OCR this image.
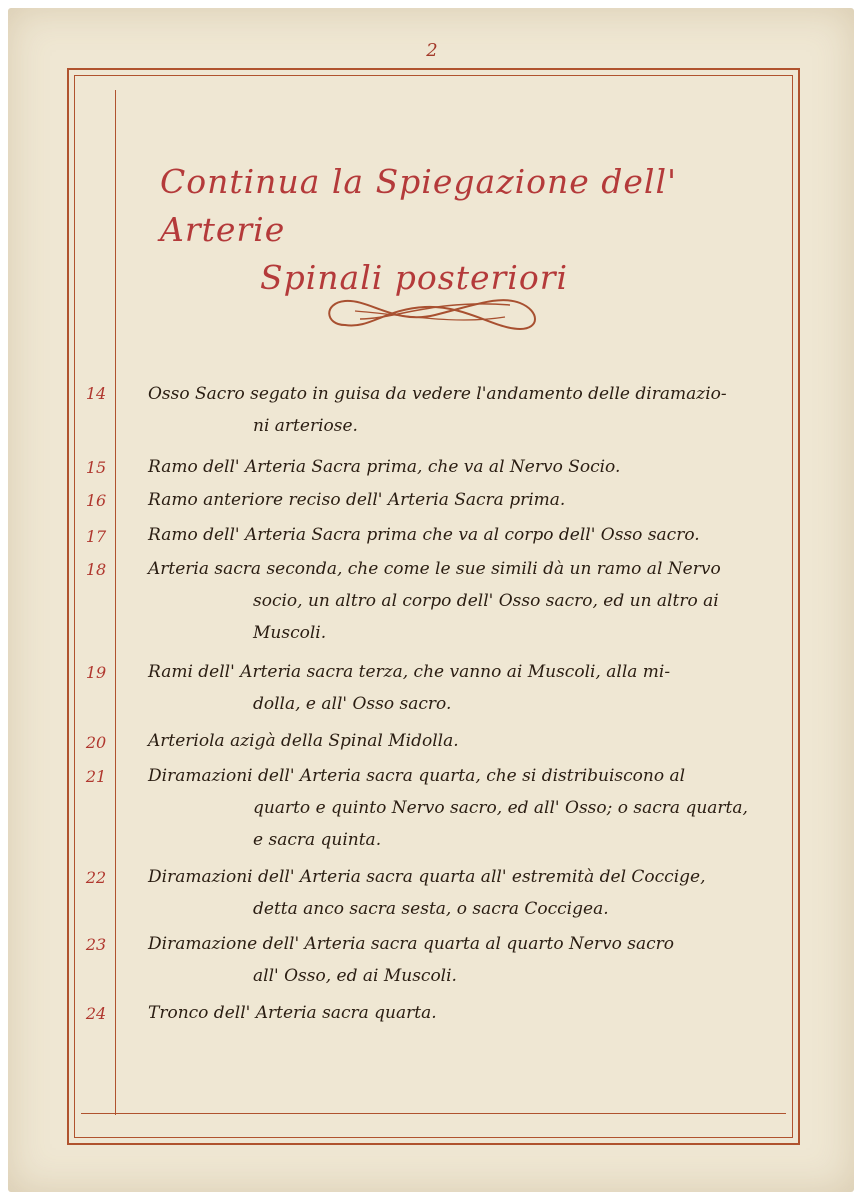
2
Continua la Spiegazione dell' Arterie
Spinali posteriori
14	Osso Sacro segato in guisa da vedere l'andamento delle diramazio-
ni arteriose.
15	Ramo dell' Arteria Sacra prima, che va al Nervo Socio.
16	Ramo anteriore reciso dell' Arteria Sacra prima.
17	Ramo dell' Arteria Sacra prima che va al corpo dell' Osso sacro.
18	Arteria sacra seconda, che come le sue simili dà un ramo al Nervo
socio, un altro al corpo dell' Osso sacro, ed un altro ai
Muscoli.
19	Rami dell' Arteria sacra terza, che vanno ai Muscoli, alla mi-
dolla, e all' Osso sacro.
20	Arteriola azigà della Spinal Midolla.
21	Diramazioni dell' Arteria sacra quarta, che si distribuiscono al
quarto e quinto Nervo sacro, ed all' Osso; o sacra quarta,
e sacra quinta.
22	Diramazioni dell' Arteria sacra quarta all' estremità del Coccige,
detta anco sacra sesta, o sacra Coccigea.
23	Diramazione dell' Arteria sacra quarta al quarto Nervo sacro
all' Osso, ed ai Muscoli.
24	Tronco dell' Arteria sacra quarta.
